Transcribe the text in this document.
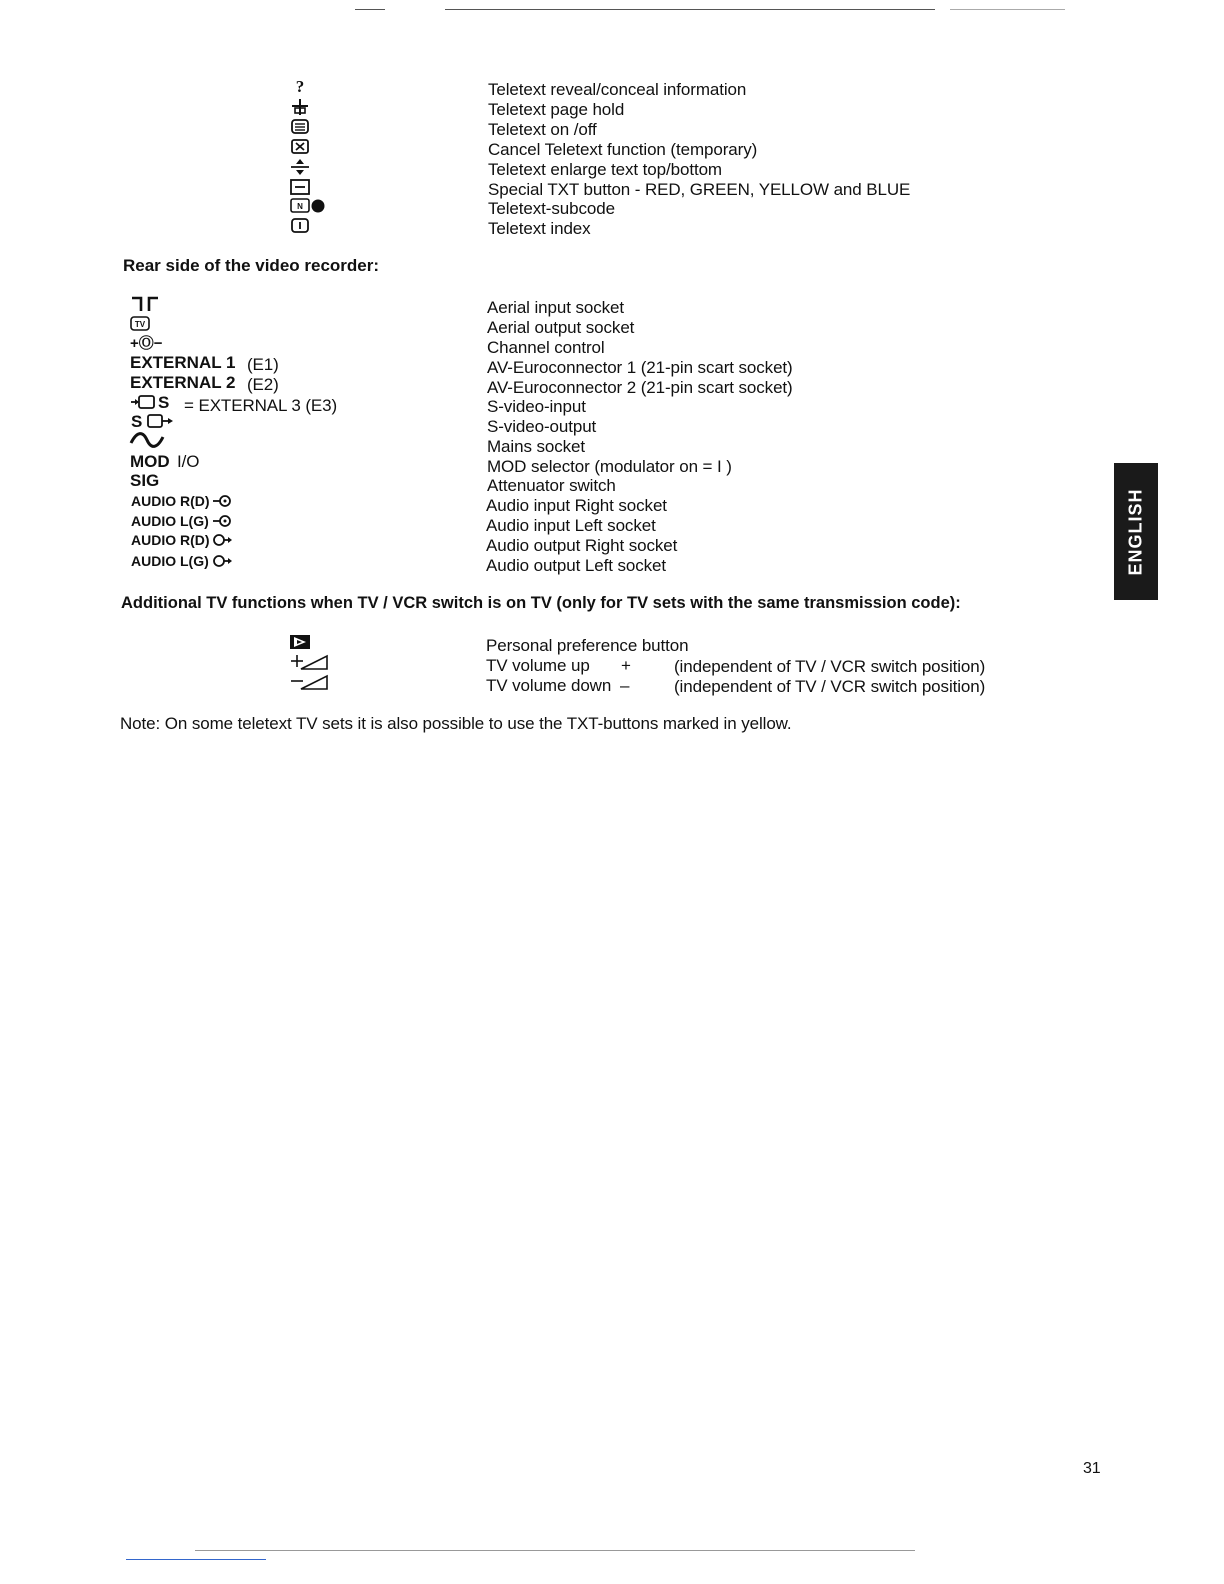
?
N
Teletext reveal/conceal information
Teletext page hold
Teletext on /off
Cancel Teletext function (temporary)
Teletext enlarge text top/bottom
Special TXT button - RED, GREEN, YELLOW and BLUE
Teletext-subcode
Teletext index
Rear side of the video recorder:
TV
+Ⓞ−
EXTERNAL 1 (E1)
EXTERNAL 2 (E2)
S = EXTERNAL 3 (E3)
S
MOD I/O
SIG
AUDIO R(D)
AUDIO L(G)
AUDIO R(D)
AUDIO L(G)
Aerial input socket
Aerial output socket
Channel control
AV-Euroconnector 1 (21-pin scart socket)
AV-Euroconnector 2 (21-pin scart socket)
S-video-input
S-video-output
Mains socket
MOD selector (modulator on = I )
Attenuator switch
Audio input Right socket
Audio input Left socket
Audio output Right socket
Audio output Left socket
Additional TV functions when TV / VCR switch is on TV (only for TV sets with the same transmission code):
Personal preference button
TV volume up +	(independent of TV / VCR switch position)
TV volume down –	(independent of TV / VCR switch position)
Note: On some teletext TV sets it is also possible to use the TXT-buttons marked in yellow.
ENGLISH
31
